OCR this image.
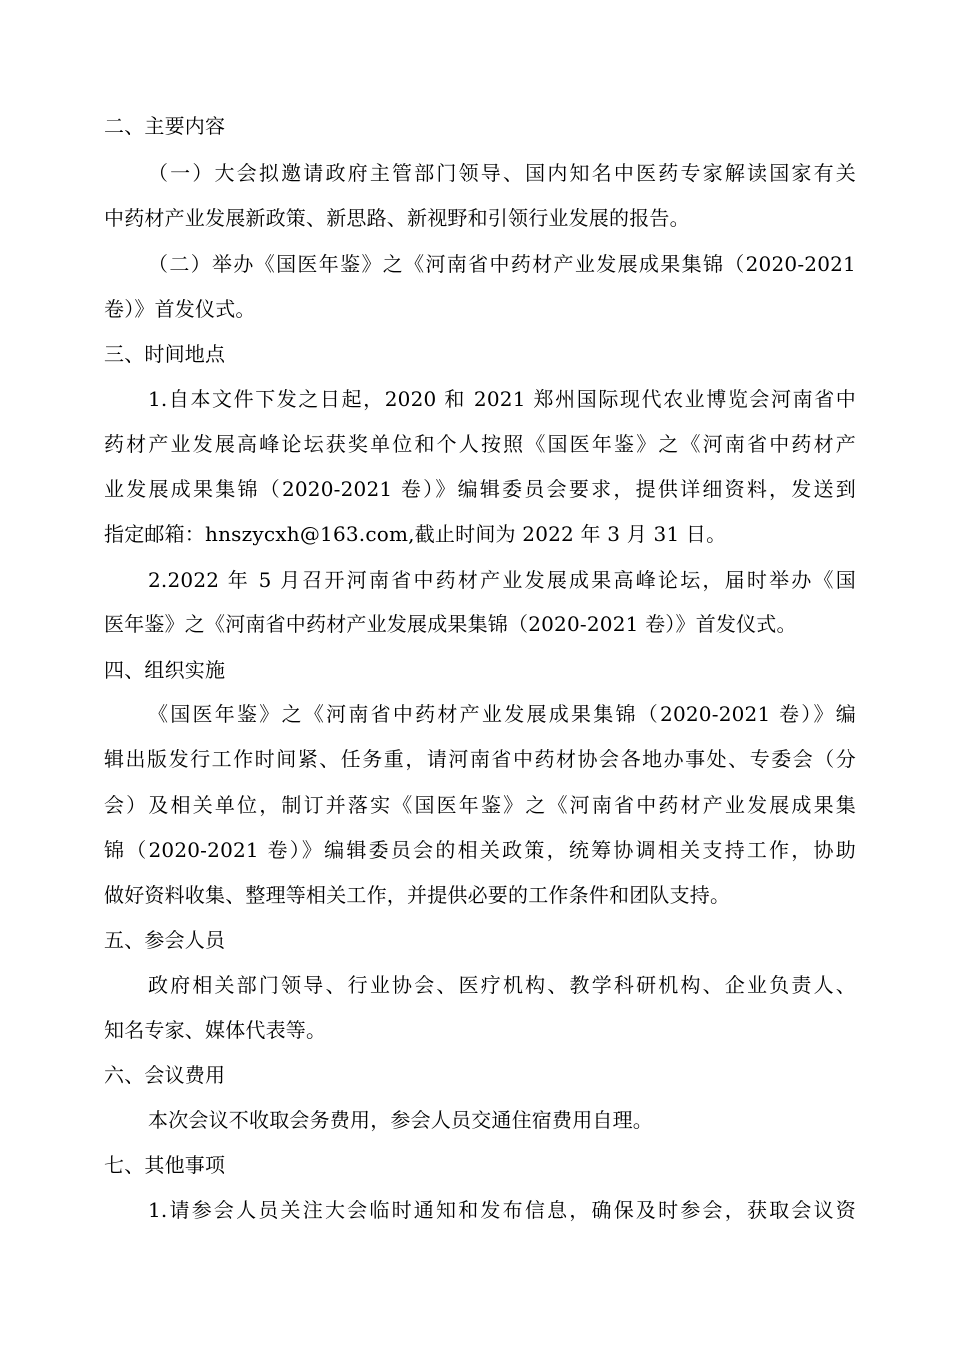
二、主要内容
（一）大会拟邀请政府主管部门领导、国内知名中医药专家解读国家有关
中药材产业发展新政策、新思路、新视野和引领行业发展的报告。
（二）举办《国医年鉴》之《河南省中药材产业发展成果集锦（2020-2021
卷）》首发仪式。
三、时间地点
1.自本文件下发之日起，2020 和 2021 郑州国际现代农业博览会河南省中
药材产业发展高峰论坛获奖单位和个人按照《国医年鉴》之《河南省中药材产
业发展成果集锦（2020-2021 卷）》编辑委员会要求，提供详细资料，发送到
指定邮箱：hnszycxh@163.com,截止时间为 2022 年 3 月 31 日。
2.2022 年 5 月召开河南省中药材产业发展成果高峰论坛，届时举办《国
医年鉴》之《河南省中药材产业发展成果集锦（2020-2021 卷）》首发仪式。
四、组织实施
《国医年鉴》之《河南省中药材产业发展成果集锦（2020-2021 卷）》编
辑出版发行工作时间紧、任务重，请河南省中药材协会各地办事处、专委会（分
会）及相关单位，制订并落实《国医年鉴》之《河南省中药材产业发展成果集
锦（2020-2021 卷）》编辑委员会的相关政策，统筹协调相关支持工作，协助
做好资料收集、整理等相关工作，并提供必要的工作条件和团队支持。
五、参会人员
政府相关部门领导、行业协会、医疗机构、教学科研机构、企业负责人、
知名专家、媒体代表等。
六、会议费用
本次会议不收取会务费用，参会人员交通住宿费用自理。
七、其他事项
1.请参会人员关注大会临时通知和发布信息，确保及时参会，获取会议资
